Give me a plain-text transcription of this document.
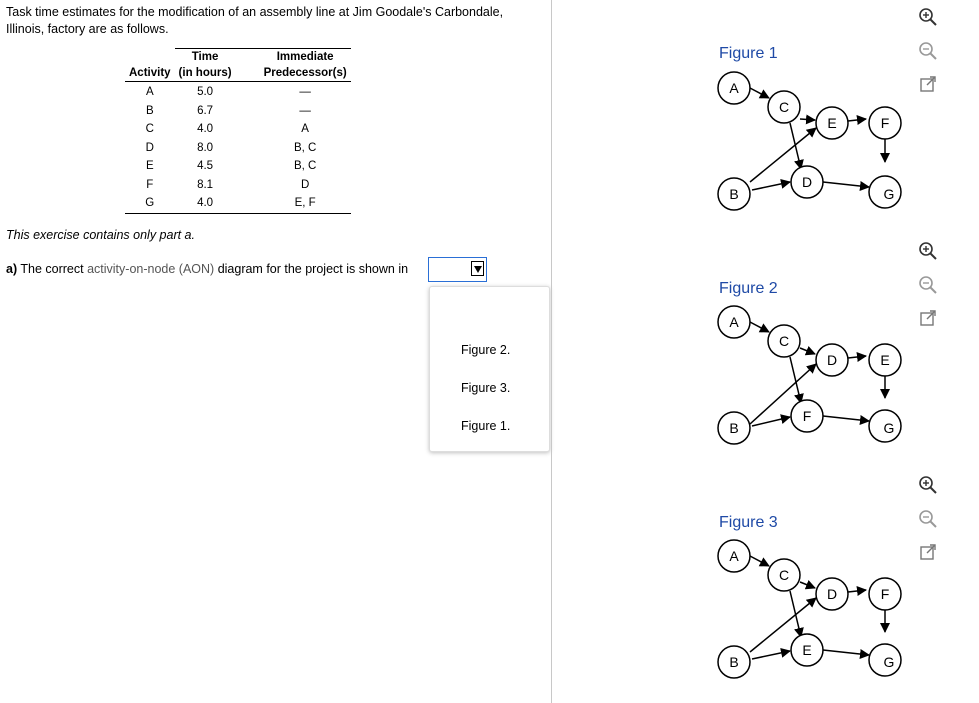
Task time estimates for the modification of an assembly line at Jim Goodale's Carbondale, Illinois, factory are as follows.
Activity	Time	Immediate
	(in hours)	Predecessor(s)
A	5.0	—
B	6.7	—
C	4.0	A
D	8.0	B, C
E	4.5	B, C
F	8.1	D
G	4.0	E, F
This exercise contains only part a.
a) The correct activity-on-node (AON) diagram for the project is shown in
Figure 2.
Figure 3.
Figure 1.
Figure 1
Figure 2
Figure 3
A
B
C
D
E	F
G
A
B
C
F
D	E
G
A
B
C
E
D	F
G
